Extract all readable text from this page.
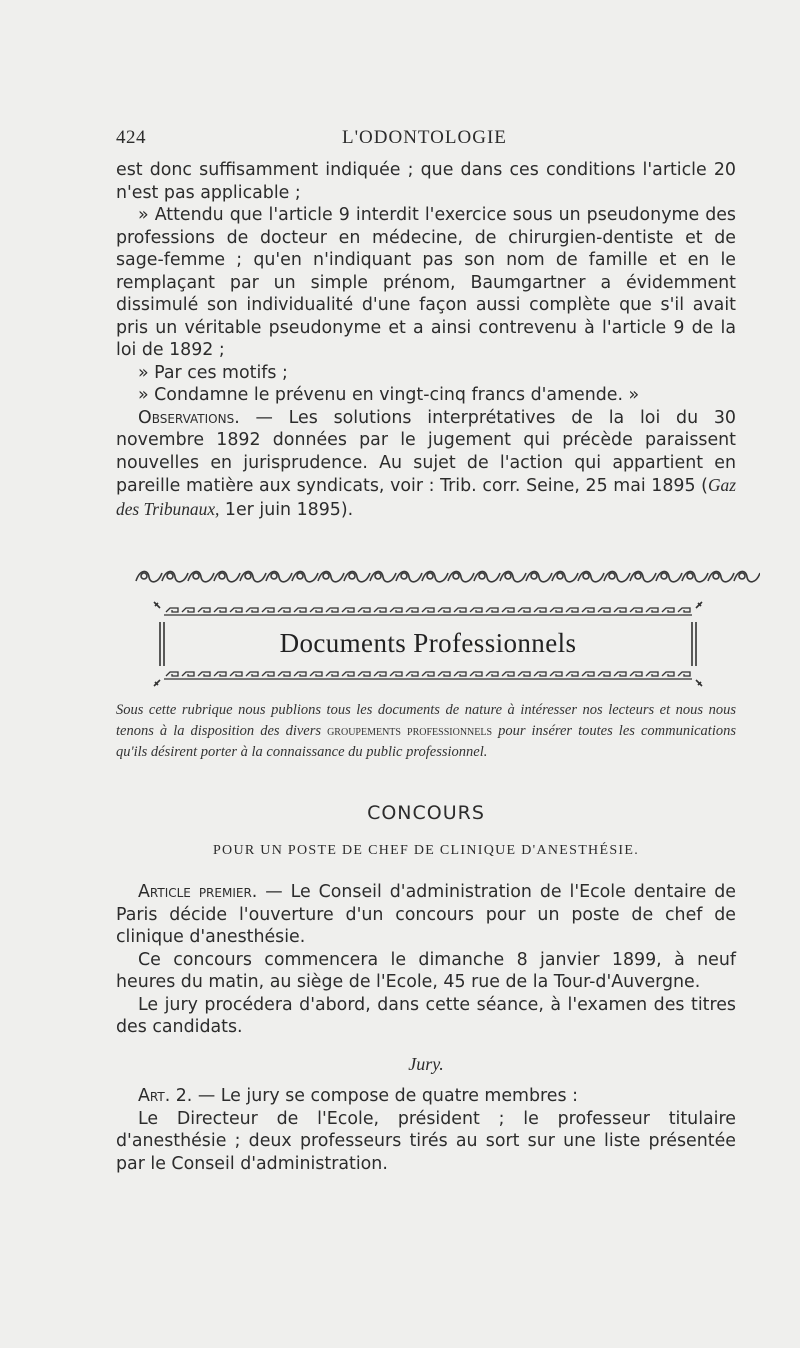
424	L'ODONTOLOGIE

est donc suffisamment indiquée ; que dans ces conditions l'article 20 n'est pas applicable ;

» Attendu que l'article 9 interdit l'exercice sous un pseudonyme des professions de docteur en médecine, de chirurgien-dentiste et de sage-femme ; qu'en n'indiquant pas son nom de famille et en le remplaçant par un simple prénom, Baumgartner a évidemment dissimulé son individualité d'une façon aussi complète que s'il avait pris un véritable pseudonyme et a ainsi contrevenu à l'article 9 de la loi de 1892 ;

» Par ces motifs ;

» Condamne le prévenu en vingt-cinq francs d'amende. »

Observations. — Les solutions interprétatives de la loi du 30 novembre 1892 données par le jugement qui précède paraissent nouvelles en jurisprudence. Au sujet de l'action qui appartient en pareille matière aux syndicats, voir : Trib. corr. Seine, 25 mai 1895 (Gaz des Tribunaux, 1er juin 1895).

Documents Professionnels
Sous cette rubrique nous publions tous les documents de nature à intéresser nos lecteurs et nous nous tenons à la disposition des divers groupements professionnels pour insérer toutes les communications qu'ils désirent porter à la connaissance du public professionnel.
CONCOURS
POUR UN POSTE DE CHEF DE CLINIQUE D'ANESTHÉSIE.

Article premier. — Le Conseil d'administration de l'Ecole dentaire de Paris décide l'ouverture d'un concours pour un poste de chef de clinique d'anesthésie.

Ce concours commencera le dimanche 8 janvier 1899, à neuf heures du matin, au siège de l'Ecole, 45 rue de la Tour-d'Auvergne.

Le jury procédera d'abord, dans cette séance, à l'examen des titres des candidats.

Jury.

Art. 2. — Le jury se compose de quatre membres :

Le Directeur de l'Ecole, président ; le professeur titulaire d'anesthésie ; deux professeurs tirés au sort sur une liste présentée par le Conseil d'administration.
